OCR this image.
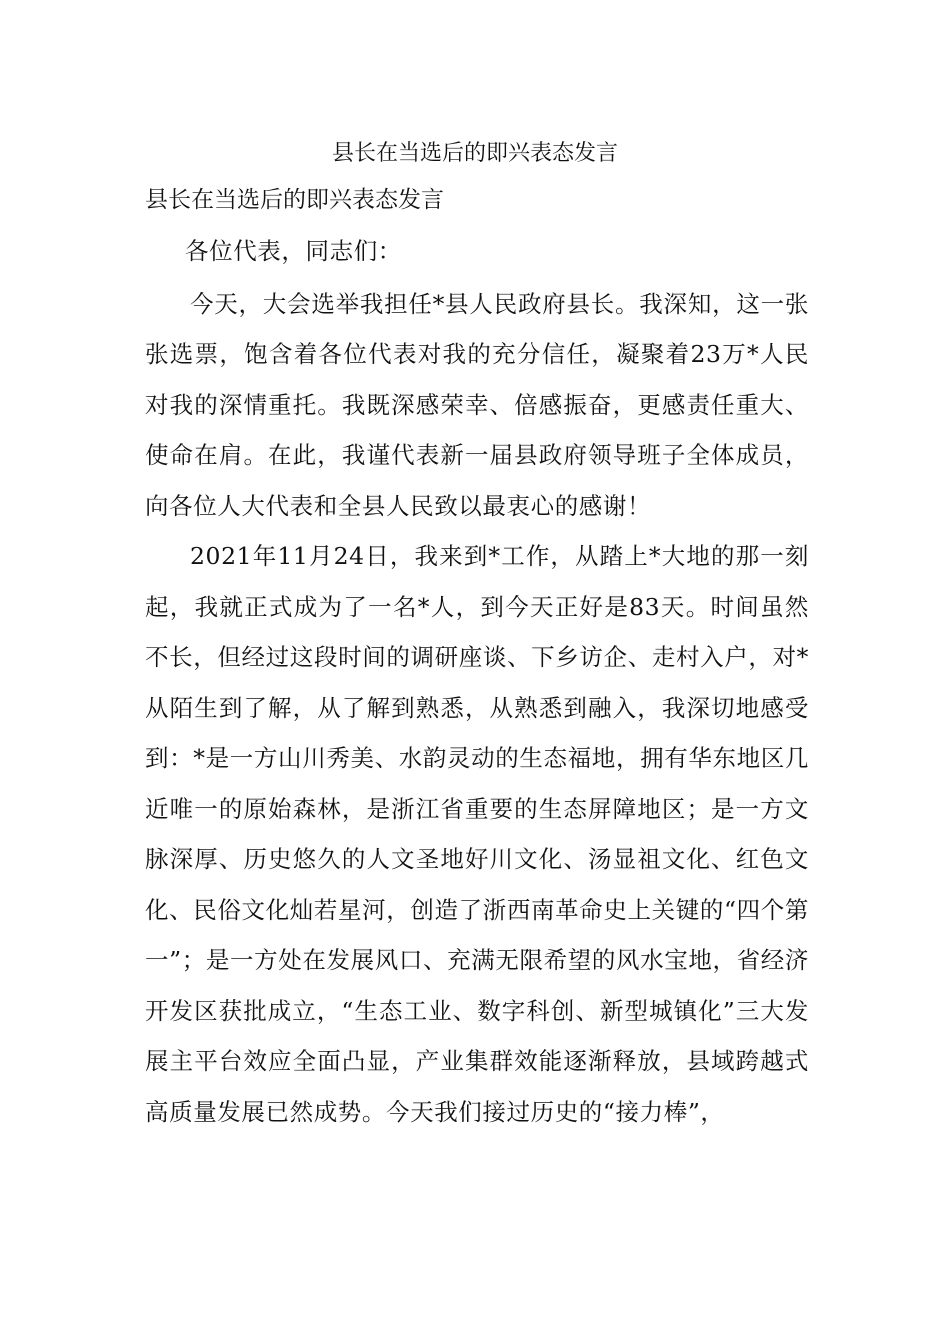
县长在当选后的即兴表态发言

县长在当选后的即兴表态发言

各位代表，同志们：

今天，大会选举我担任*县人民政府县长。我深知，这一张张选票，饱含着各位代表对我的充分信任，凝聚着23万*人民对我的深情重托。我既深感荣幸、倍感振奋，更感责任重大、使命在肩。在此，我谨代表新一届县政府领导班子全体成员，向各位人大代表和全县人民致以最衷心的感谢！

2021年11月24日，我来到*工作，从踏上*大地的那一刻起，我就正式成为了一名*人，到今天正好是83天。时间虽然不长，但经过这段时间的调研座谈、下乡访企、走村入户，对*从陌生到了解，从了解到熟悉，从熟悉到融入，我深切地感受到：*是一方山川秀美、水韵灵动的生态福地，拥有华东地区几近唯一的原始森林，是浙江省重要的生态屏障地区；是一方文脉深厚、历史悠久的人文圣地好川文化、汤显祖文化、红色文化、民俗文化灿若星河，创造了浙西南革命史上关键的“四个第一”；是一方处在发展风口、充满无限希望的风水宝地，省经济开发区获批成立，“生态工业、数字科创、新型城镇化”三大发展主平台效应全面凸显，产业集群效能逐渐释放，县域跨越式高质量发展已然成势。今天我们接过历史的“接力棒”，
